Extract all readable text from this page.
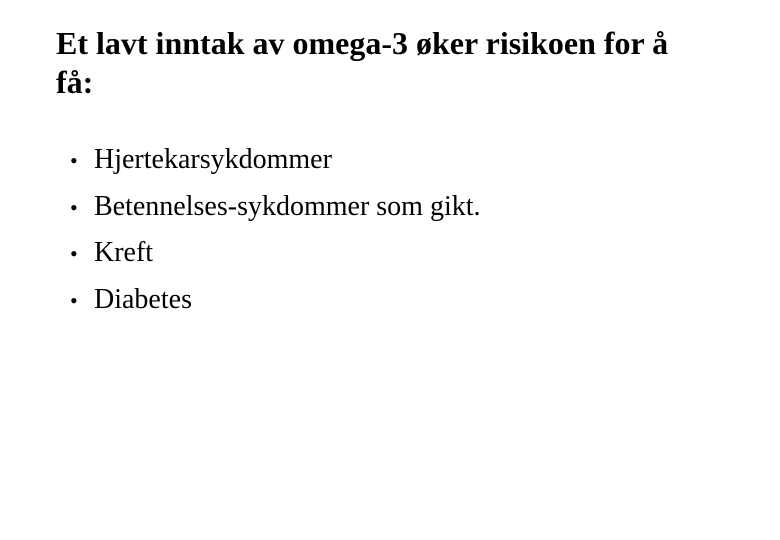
Et lavt inntak av omega-3 øker risikoen for å få:
• Hjertekarsykdommer
• Betennelses-sykdommer som gikt.
• Kreft
• Diabetes
